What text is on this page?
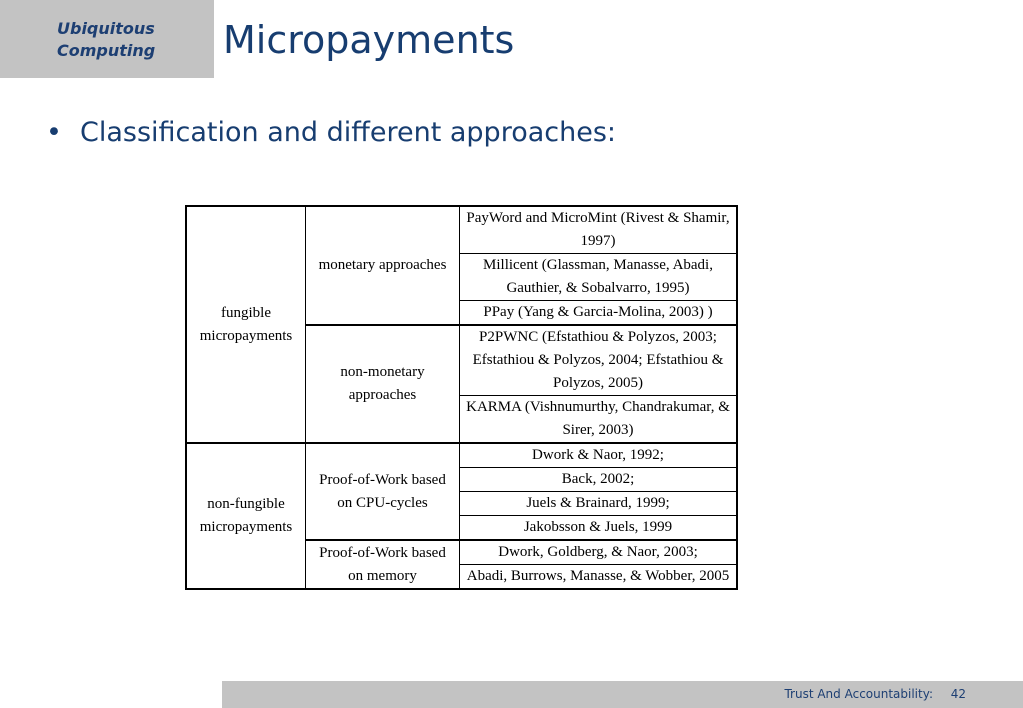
Ubiquitous
Computing Micropayments
• Classification and different approaches:
fungible micropayments	monetary approaches	PayWord and MicroMint (Rivest & Shamir, 1997)
		Millicent (Glassman, Manasse, Abadi, Gauthier, & Sobalvarro, 1995)
		PPay (Yang & Garcia-Molina, 2003) )
	non-monetary approaches	P2PWNC (Efstathiou & Polyzos, 2003; Efstathiou & Polyzos, 2004; Efstathiou & Polyzos, 2005)
		KARMA (Vishnumurthy, Chandrakumar, & Sirer, 2003)
non-fungible micropayments	Proof-of-Work based on CPU-cycles	Dwork & Naor, 1992;
		Back, 2002;
		Juels & Brainard, 1999;
		Jakobsson & Juels, 1999
	Proof-of-Work based on memory	Dwork, Goldberg, & Naor, 2003;
		Abadi, Burrows, Manasse, & Wobber, 2005
Trust And Accountability: 42
